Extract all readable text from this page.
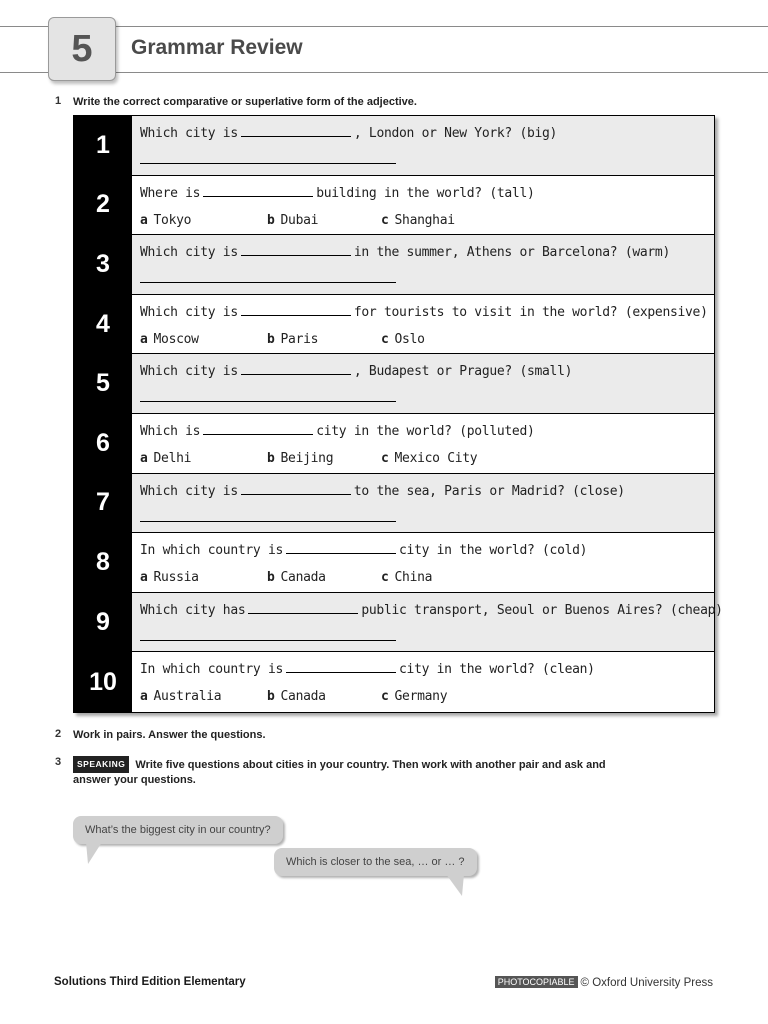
5	Grammar Review
1 Write the correct comparative or superlative form of the adjective.
1	Which city is	, London or New York? (big)
2	Where is	building in the world? (tall)
a Tokyo	b Dubai	c Shanghai
3	Which city is	in the summer, Athens or Barcelona? (warm)
4	Which city is	for tourists to visit in the world? (expensive)
a Moscow	b Paris	c Oslo
5	Which city is	, Budapest or Prague? (small)
6	Which is	city in the world? (polluted)
a Delhi	b Beijing	c Mexico City
7	Which city is	to the sea, Paris or Madrid? (close)
8	In which country is	city in the world? (cold)
a Russia	b Canada	c China
9	Which city has	public transport, Seoul or Buenos Aires? (cheap)
10	In which country is	city in the world? (clean)
a Australia	b Canada	c Germany
2 Work in pairs. Answer the questions.
3	SPEAKING Write five questions about cities in your country. Then work with another pair and ask and
answer your questions.
What’s the biggest city in our country?
Which is closer to the sea, … or … ?
Solutions Third Edition Elementary	PHOTOCOPIABLE © Oxford University Press
